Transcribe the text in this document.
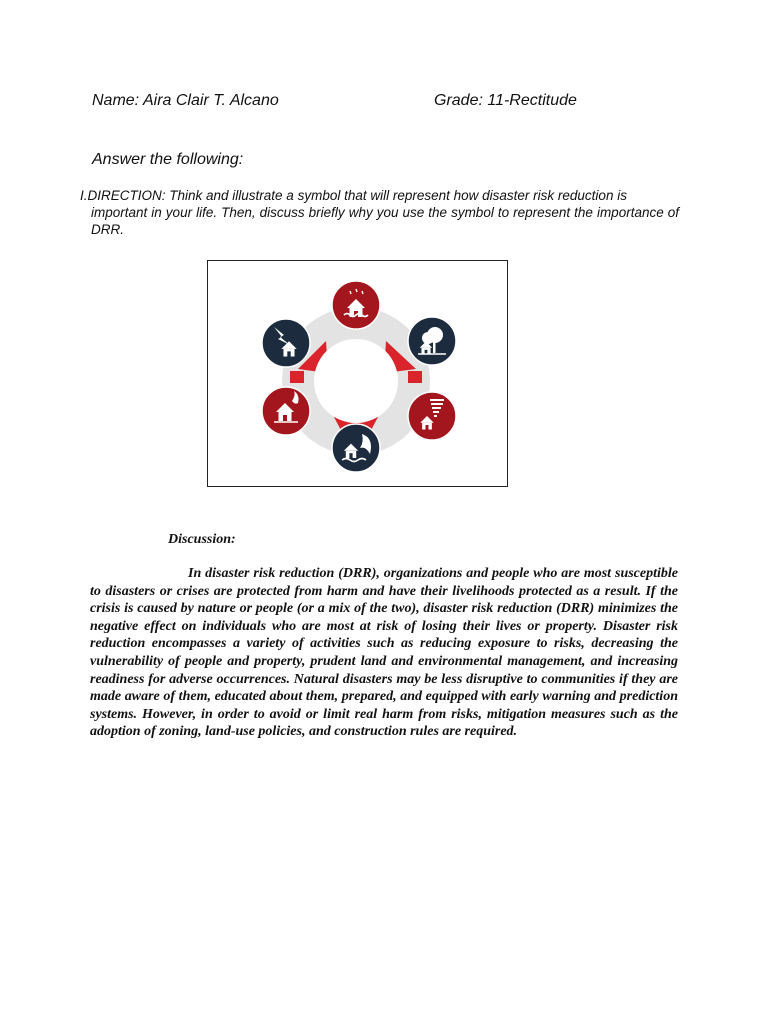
Name: Aira Clair T. Alcano	Grade: 11-Rectitude
Answer the following:
I.DIRECTION: Think and illustrate a symbol that will represent how disaster risk reduction is
important in your life. Then, discuss briefly why you use the symbol to represent the importance of DRR.
Discussion:
In disaster risk reduction (DRR), organizations and people who are most susceptible to disasters or crises are protected from harm and have their livelihoods protected as a result. If the crisis is caused by nature or people (or a mix of the two), disaster risk reduction (DRR) minimizes the negative effect on individuals who are most at risk of losing their lives or property. Disaster risk reduction encompasses a variety of activities such as reducing exposure to risks, decreasing the vulnerability of people and property, prudent land and environmental management, and increasing readiness for adverse occurrences. Natural disasters may be less disruptive to communities if they are made aware of them, educated about them, prepared, and equipped with early warning and prediction systems. However, in order to avoid or limit real harm from risks, mitigation measures such as the adoption of zoning, land-use policies, and construction rules are required.
